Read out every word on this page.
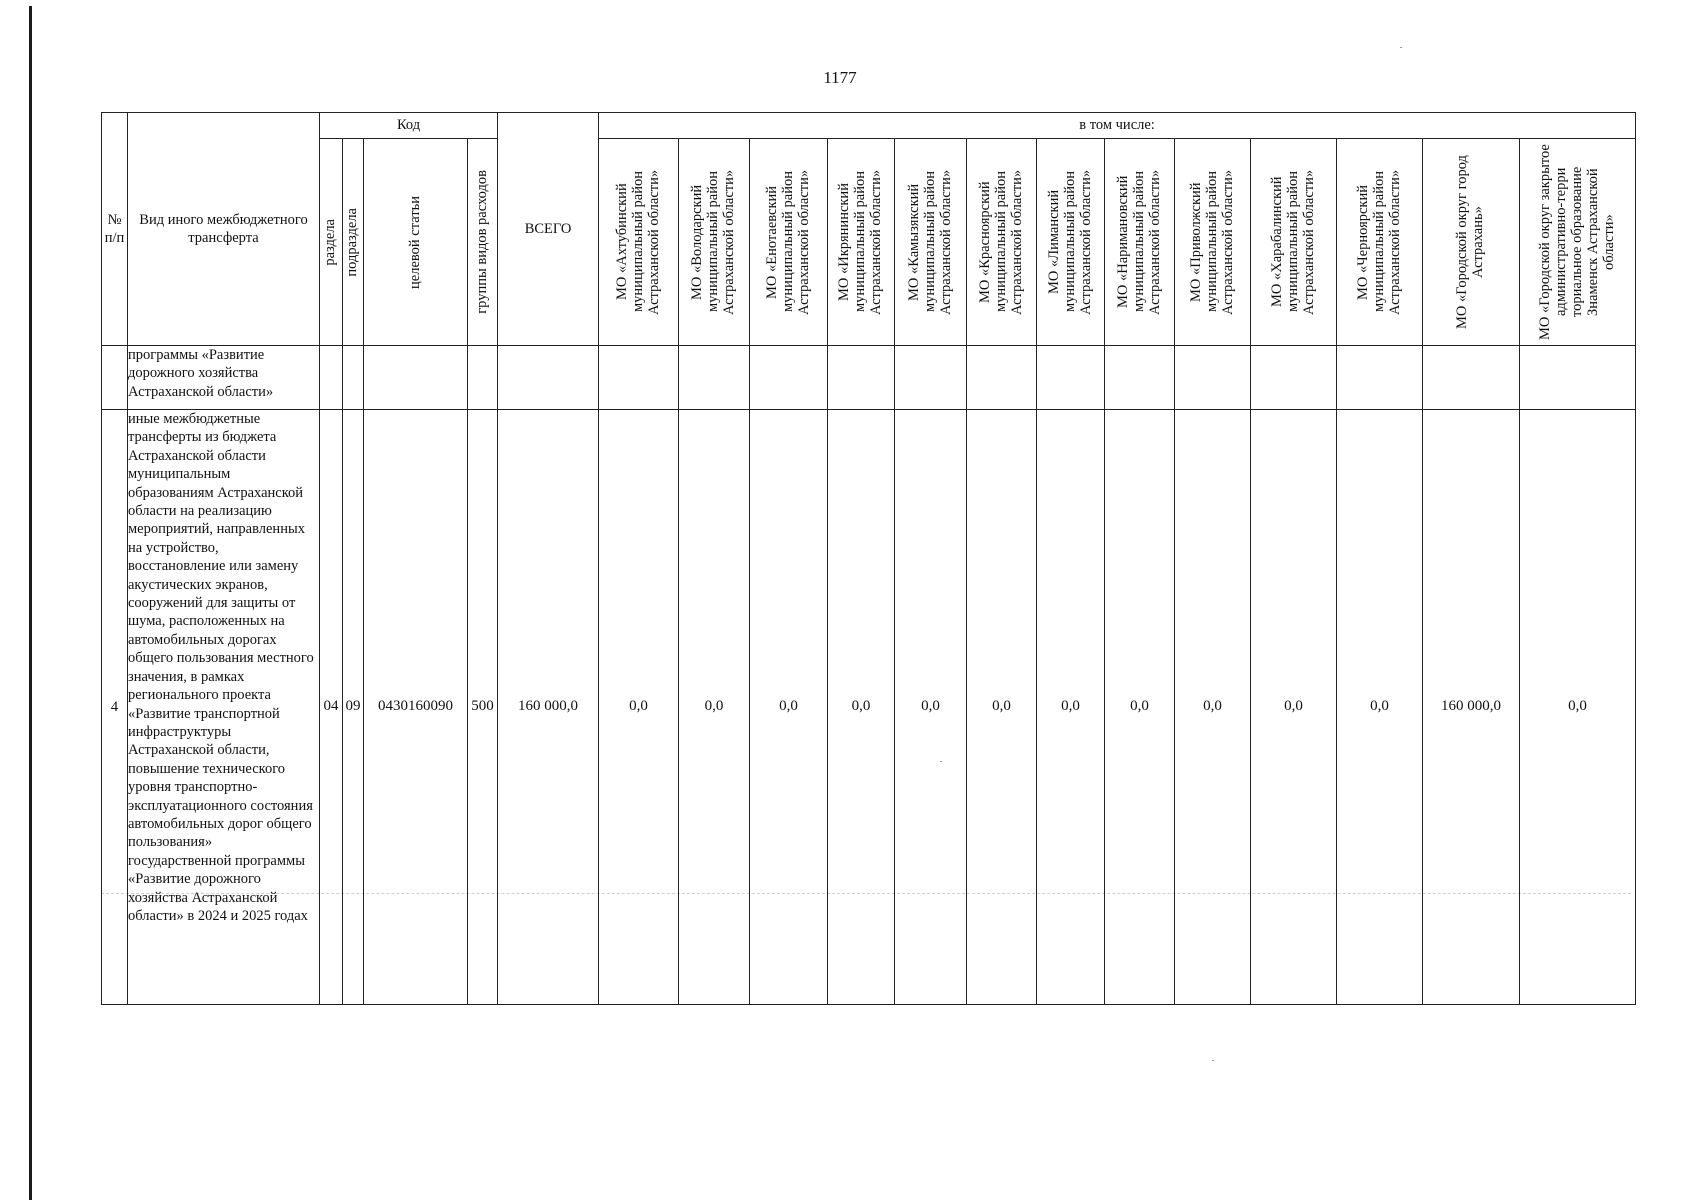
1177
№ п/п	Вид иного межбюджетного трансферта	Код				ВСЕГО	в том числе:												

		раздела	подраздела	целевой статьи	группы видов расходов		МО «Ахтубинский муниципальный район Астраханской области»	МО «Володарский муниципальный район Астраханской области»	МО «Енотаевский муниципальный район Астраханской области»	МО «Икрянинский муниципальный район Астраханской области»	МО «Камызякский муниципальный район Астраханской области»	МО «Красноярский муниципальный район Астраханской области»	МО «Лиманский муниципальный район Астраханской области»	МО «Наримановский муниципальный район Астраханской области»	МО «Приволжский муниципальный район Астраханской области»	МО «Харабалинский муниципальный район Астраханской области»	МО «Черноярский муниципальный район Астраханской области»	МО «Городской округ город Астрахань»	МО «Городской округ закрытое административно-терри ториальное образование Знаменск Астраханской области»

	программы «Развитие дорожного хозяйства Астраханской области»																		
4	иные межбюджетные трансферты из бюджета Астраханской области муниципальным образованиям Астраханской области на реализацию мероприятий, направленных на устройство, восстановление или замену акустических экранов, сооружений для защиты от шума, расположенных на автомобильных дорогах общего пользования местного значения, в рамках регионального проекта «Развитие транспортной инфраструктуры Астраханской области, повышение технического уровня транспортно-эксплуатационного состояния автомобильных дорог общего пользования» государственной программы «Развитие дорожного хозяйства Астраханской области» в 2024 и 2025 годах	04	09	0430160090	500	160 000,0	0,0	0,0	0,0	0,0	0,0	0,0	0,0	0,0	0,0	0,0	0,0	160 000,0	0,0
